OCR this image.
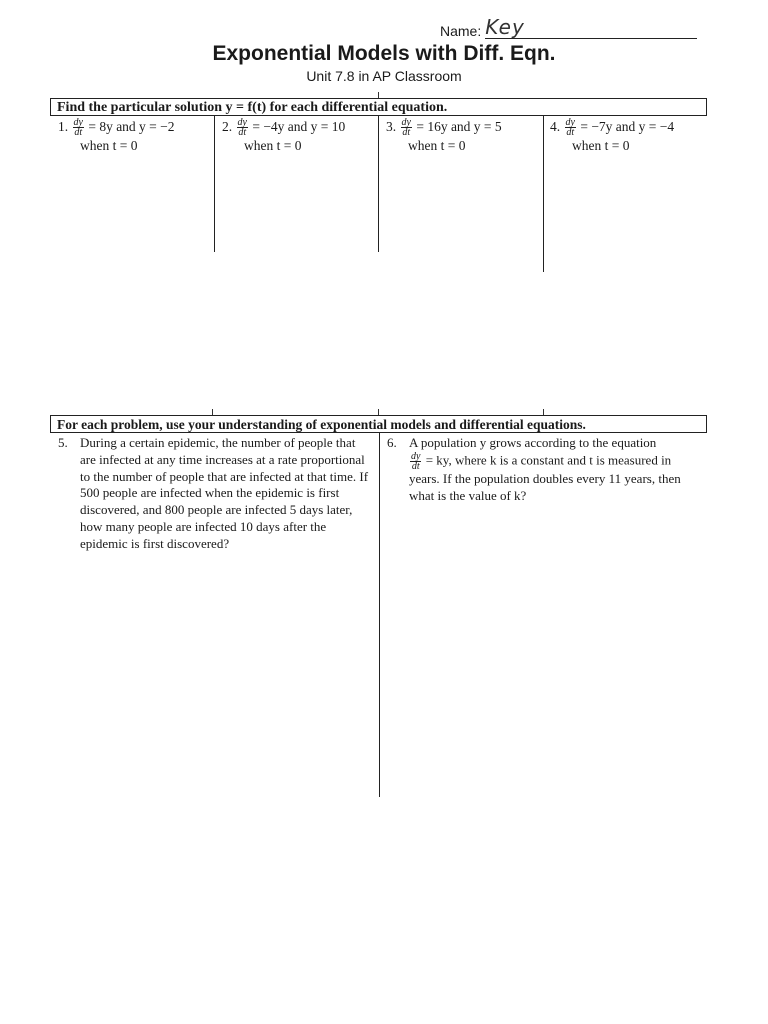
Name: Key
Exponential Models with Diff. Eqn.
Unit 7.8 in AP Classroom
Find the particular solution y = f(t) for each differential equation.
1. $\frac{dy}{dt} = 8y$ and y = −2
when t = 0
2. $\frac{dy}{dt} = -4y$ and y = 10
when t = 0
3. $\frac{dy}{dt} = 16y$ and y = 5
when t = 0
4. $\frac{dy}{dt} = -7y$ and y = −4
when t = 0
For each problem, use your understanding of exponential models and differential equations.
5. During a certain epidemic, the number of people that are infected at any time increases at a rate proportional to the number of people that are infected at that time. If 500 people are infected when the epidemic is first discovered, and 800 people are infected 5 days later, how many people are infected 10 days after the epidemic is first discovered?
6. A population y grows according to the equation
$\frac{dy}{dt}$ = ky, where k is a constant and t is measured in
years. If the population doubles every 11 years, then what is the value of k?
